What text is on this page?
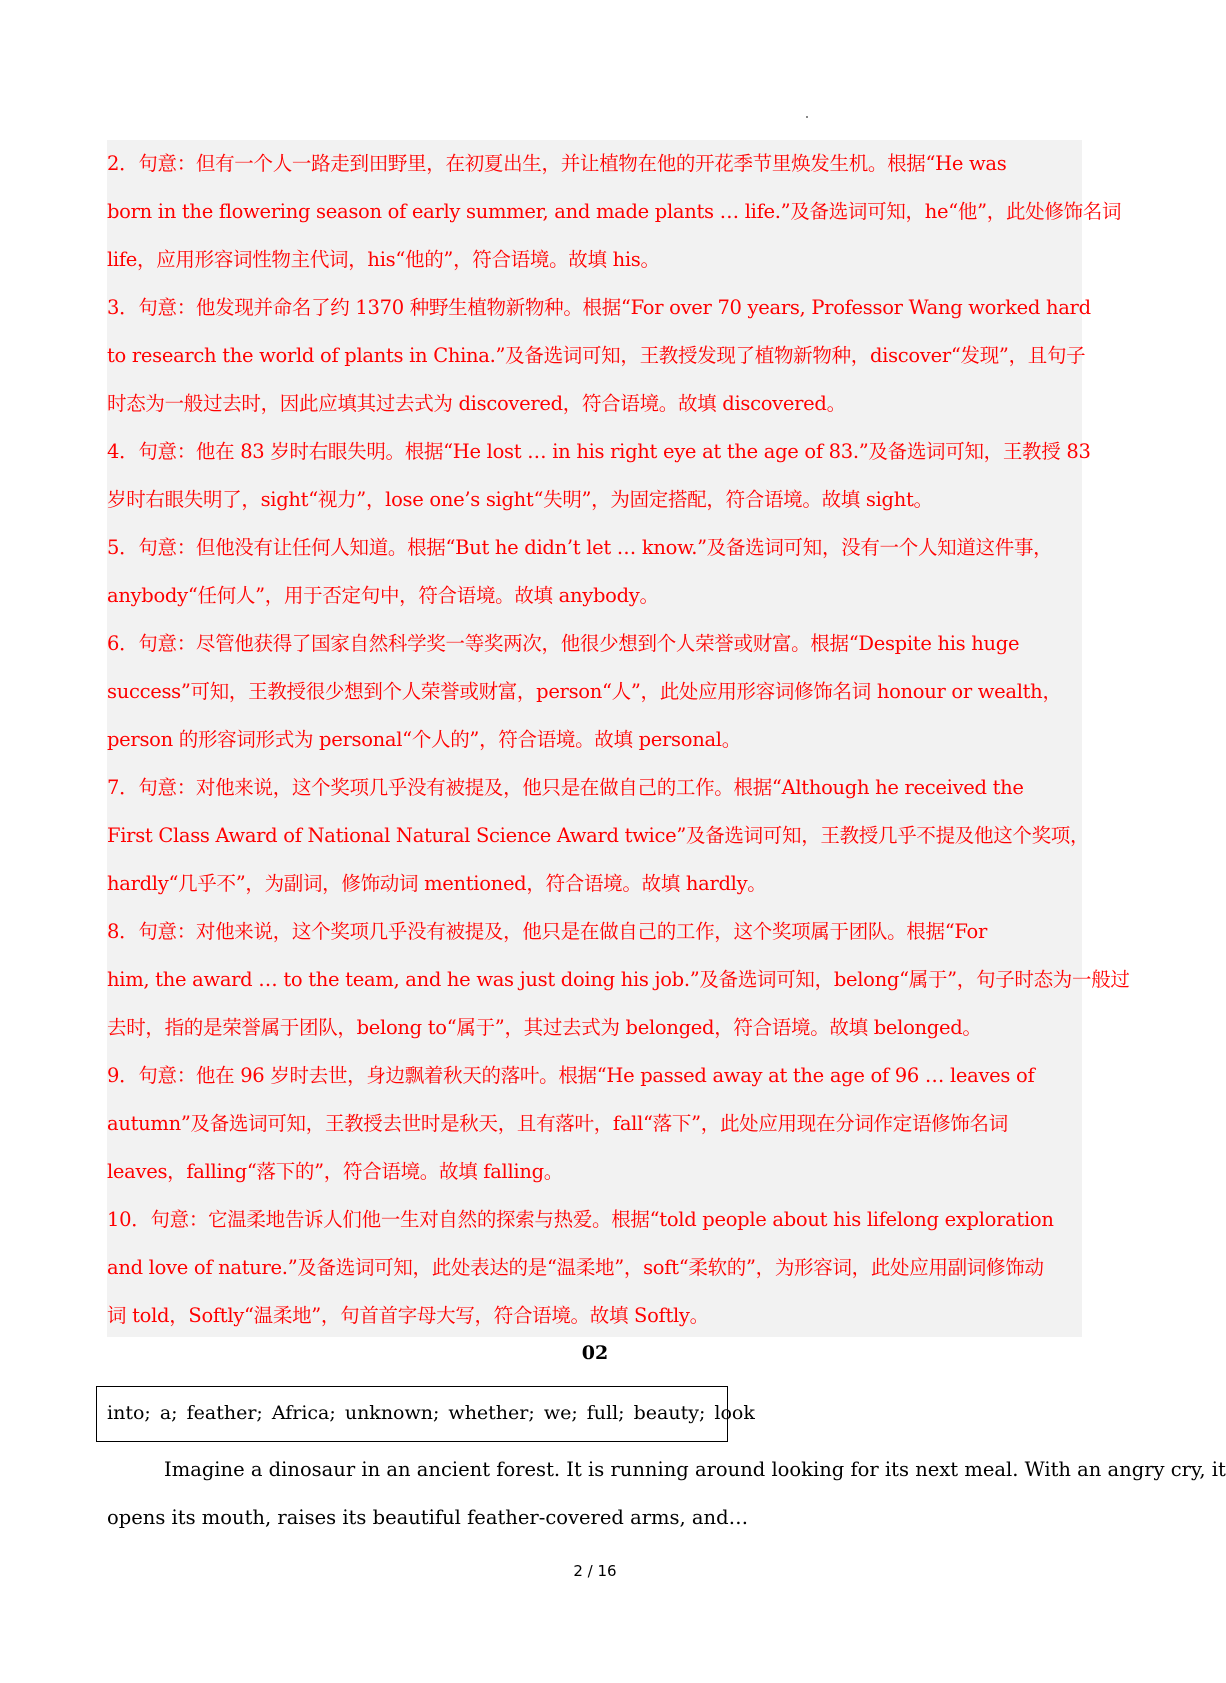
2．句意：但有一个人一路走到田野里，在初夏出生，并让植物在他的开花季节里焕发生机。根据“He was
born in the flowering season of early summer, and made plants … life.”及备选词可知，he“他”，此处修饰名词
life，应用形容词性物主代词，his“他的”，符合语境。故填 his。
3．句意：他发现并命名了约 1370 种野生植物新物种。根据“For over 70 years, Professor Wang worked hard
to research the world of plants in China.”及备选词可知，王教授发现了植物新物种，discover“发现”，且句子
时态为一般过去时，因此应填其过去式为 discovered，符合语境。故填 discovered。
4．句意：他在 83 岁时右眼失明。根据“He lost … in his right eye at the age of 83.”及备选词可知，王教授 83
岁时右眼失明了，sight“视力”，lose one’s sight“失明”，为固定搭配，符合语境。故填 sight。
5．句意：但他没有让任何人知道。根据“But he didn’t let … know.”及备选词可知，没有一个人知道这件事，
anybody“任何人”，用于否定句中，符合语境。故填 anybody。
6．句意：尽管他获得了国家自然科学奖一等奖两次，他很少想到个人荣誉或财富。根据“Despite his huge
success”可知，王教授很少想到个人荣誉或财富，person“人”，此处应用形容词修饰名词 honour or wealth，
person 的形容词形式为 personal“个人的”，符合语境。故填 personal。
7．句意：对他来说，这个奖项几乎没有被提及，他只是在做自己的工作。根据“Although he received the
First Class Award of National Natural Science Award twice”及备选词可知，王教授几乎不提及他这个奖项，
hardly“几乎不”，为副词，修饰动词 mentioned，符合语境。故填 hardly。
8．句意：对他来说，这个奖项几乎没有被提及，他只是在做自己的工作，这个奖项属于团队。根据“For
him, the award … to the team, and he was just doing his job.”及备选词可知，belong“属于”，句子时态为一般过
去时，指的是荣誉属于团队，belong to“属于”，其过去式为 belonged，符合语境。故填 belonged。
9．句意：他在 96 岁时去世，身边飘着秋天的落叶。根据“He passed away at the age of 96 … leaves of
autumn”及备选词可知，王教授去世时是秋天，且有落叶，fall“落下”，此处应用现在分词作定语修饰名词
leaves，falling“落下的”，符合语境。故填 falling。
10．句意：它温柔地告诉人们他一生对自然的探索与热爱。根据“told people about his lifelong exploration
and love of nature.”及备选词可知，此处表达的是“温柔地”，soft“柔软的”，为形容词，此处应用副词修饰动
词 told，Softly“温柔地”，句首首字母大写，符合语境。故填 Softly。
02
into; a; feather; Africa; unknown; whether; we; full; beauty; look
Imagine a dinosaur in an ancient forest. It is running around looking for its next meal. With an angry cry, it
opens its mouth, raises its beautiful feather-covered arms, and…
2 / 16
